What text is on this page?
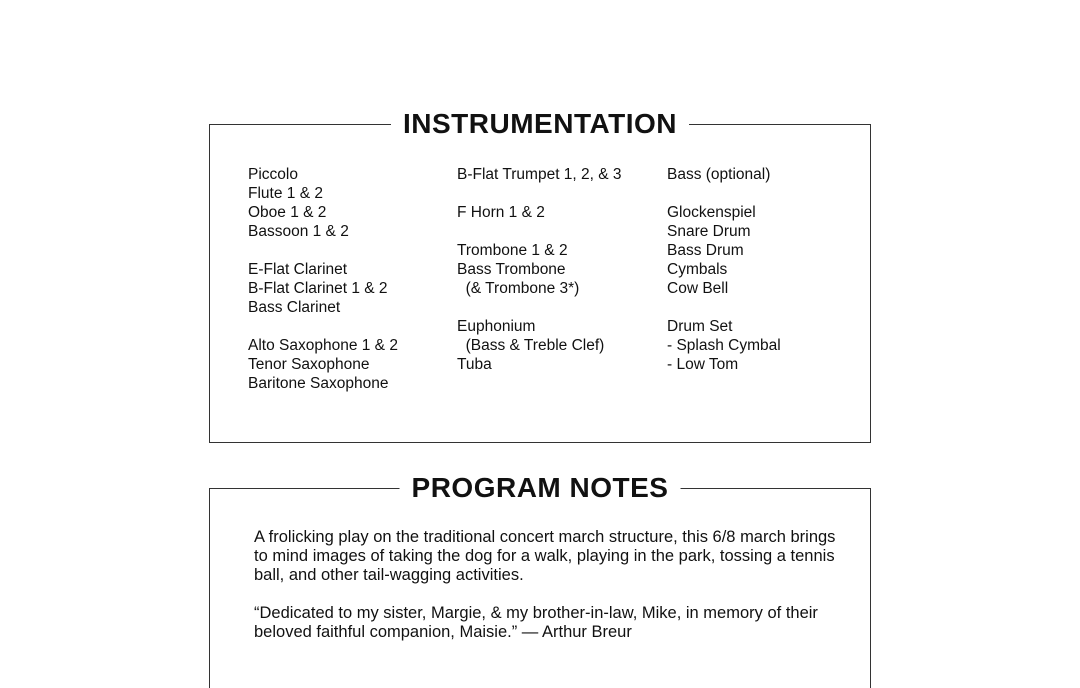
INSTRUMENTATION
Piccolo
Flute 1 & 2
Oboe 1 & 2
Bassoon 1 & 2
E-Flat Clarinet
B-Flat Clarinet 1 & 2
Bass Clarinet
Alto Saxophone 1 & 2
Tenor Saxophone
Baritone Saxophone
B-Flat Trumpet 1, 2, & 3
F Horn 1 & 2
Trombone 1 & 2
Bass Trombone
(& Trombone 3*)
Euphonium
(Bass & Treble Clef)
Tuba
Bass (optional)
Glockenspiel
Snare Drum
Bass Drum
Cymbals
Cow Bell
Drum Set
- Splash Cymbal
- Low Tom
PROGRAM NOTES

A frolicking play on the traditional concert march structure, this 6/8 march brings to mind images of taking the dog for a walk, playing in the park, tossing a tennis ball, and other tail-wagging activities.

“Dedicated to my sister, Margie, & my brother-in-law, Mike, in memory of their beloved faithful companion, Maisie.” — Arthur Breur
